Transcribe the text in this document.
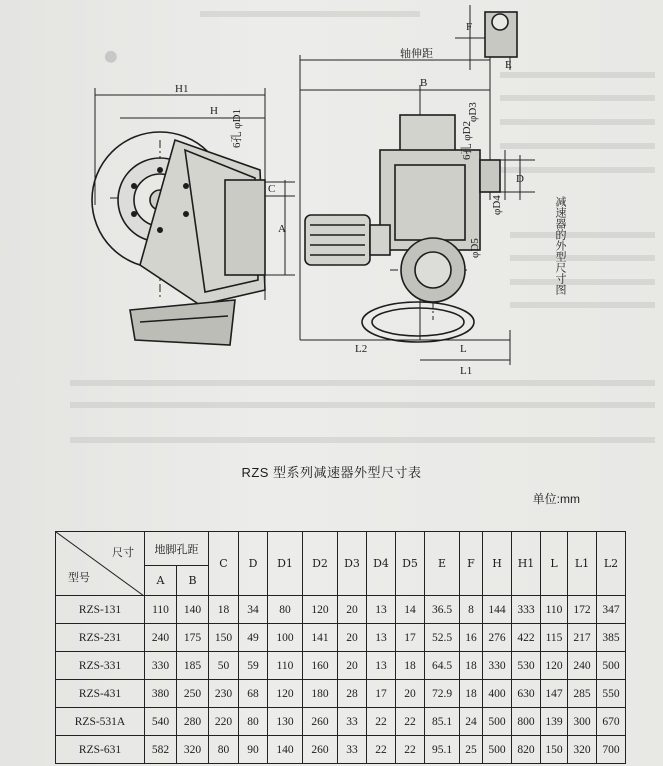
H1
H
A
C
6孔 φD1
轴伸距
B
6孔 φD2
φD3
D
φD4
φD5
F
E
L2	L
L1
减速器的外型尺寸图
·
RZS 型系列减速器外型尺寸表
单位:mm
尺寸
型号	地脚孔距		C	D	D1	D2	D3	D4	D5	E	F	H	H1	L	L1	L2
	A	B														
RZS-131	110	140	18	34	80	120	20	13	14	36.5	8	144	333	110	172	347
RZS-231	240	175	150	49	100	141	20	13	17	52.5	16	276	422	115	217	385
RZS-331	330	185	50	59	110	160	20	13	18	64.5	18	330	530	120	240	500
RZS-431	380	250	230	68	120	180	28	17	20	72.9	18	400	630	147	285	550
RZS-531A	540	280	220	80	130	260	33	22	22	85.1	24	500	800	139	300	670
RZS-631	582	320	80	90	140	260	33	22	22	95.1	25	500	820	150	320	700
